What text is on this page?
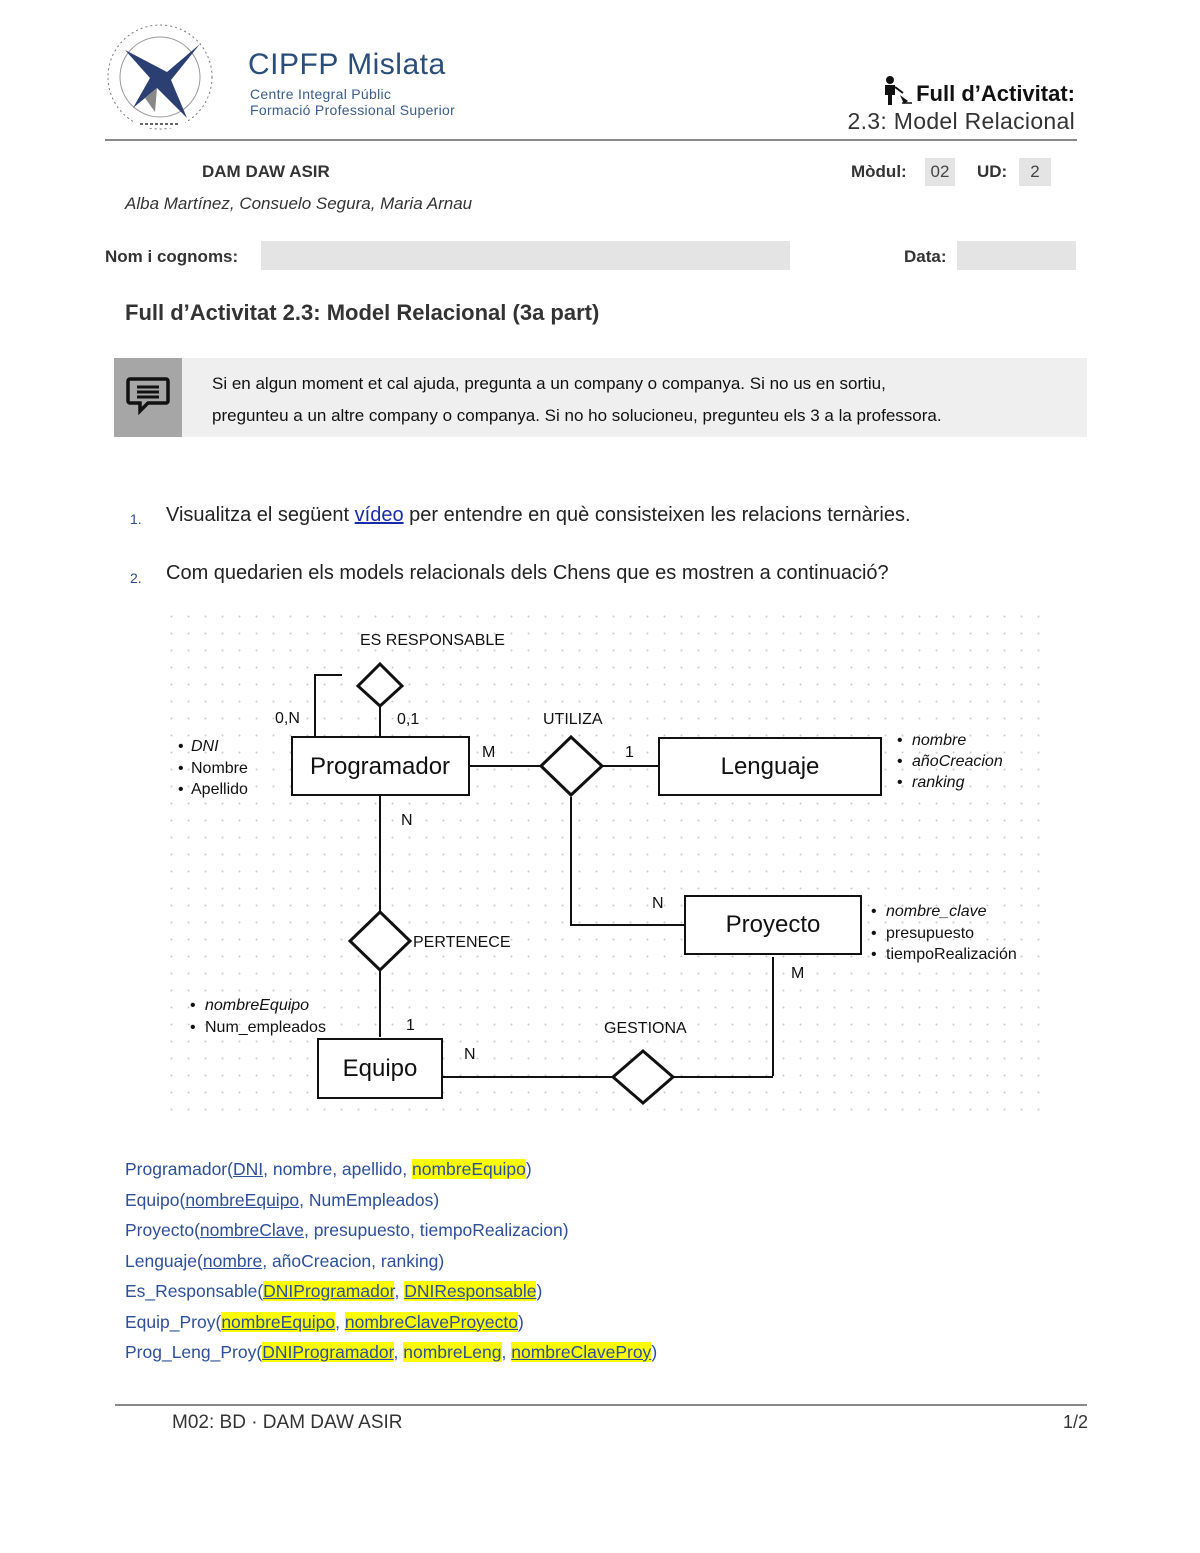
CIPFP Mislata
Centre Integral Públic
Formació Professional Superior
Full d’Activitat:
2.3: Model Relacional
DAM DAW ASIR
Alba Martínez, Consuelo Segura, Maria Arnau
Mòdul:	02	UD:	2
Nom i cognoms:	Data:
Full d’Activitat 2.3: Model Relacional (3a part)
Si en algun moment et cal ajuda, pregunta a un company o companya. Si no us en sortiu,
pregunteu a un altre company o companya. Si no ho solucioneu, pregunteu els 3 a la professora.
1. Visualitza el següent vídeo per entendre en què consisteixen les relacions ternàries.
2. Com quedarien els models relacionals dels Chens que es mostren a continuació?
Programador	Lenguaje
Proyecto
Equipo
ES RESPONSABLE
UTILIZA
PERTENECE
GESTIONA
0,N	0,1
M	1
N
N
M
1
N
• DNI
• Nombre
• Apellido
• nombre
• añoCreacion
• ranking
• nombre_clave
• presupuesto
• tiempoRealización
• nombreEquipo
• Num_empleados
Programador(DNI, nombre, apellido, nombreEquipo)
Equipo(nombreEquipo, NumEmpleados)
Proyecto(nombreClave, presupuesto, tiempoRealizacion)
Lenguaje(nombre, añoCreacion, ranking)
Es_Responsable(DNIProgramador, DNIResponsable)
Equip_Proy(nombreEquipo, nombreClaveProyecto)
Prog_Leng_Proy(DNIProgramador, nombreLeng, nombreClaveProy)
M02: BD · DAM DAW ASIR	1/2
